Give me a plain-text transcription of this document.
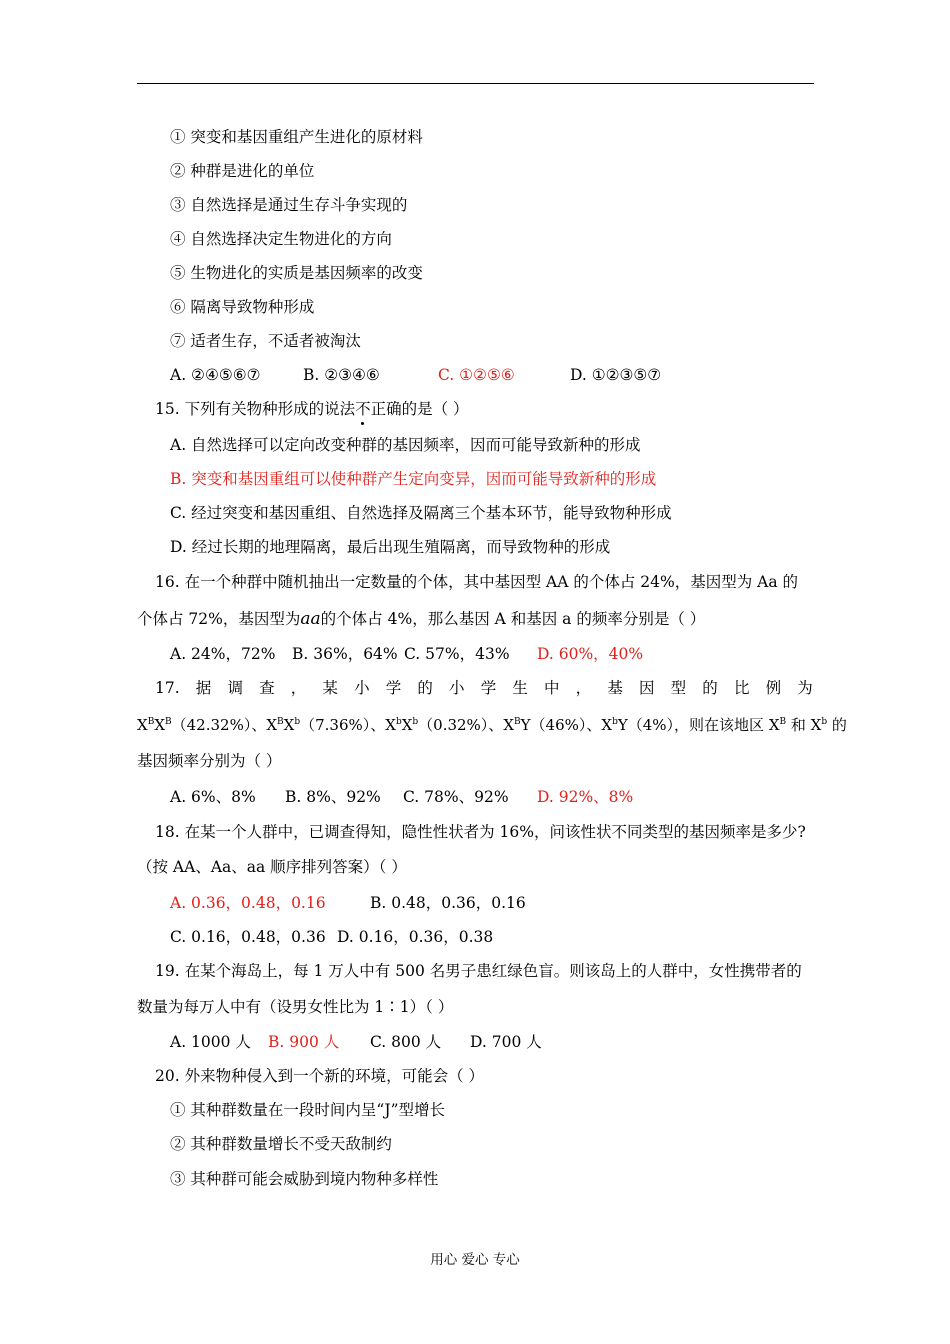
① 突变和基因重组产生进化的原材料
② 种群是进化的单位
③ 自然选择是通过生存斗争实现的
④ 自然选择决定生物进化的方向
⑤ 生物进化的实质是基因频率的改变
⑥ 隔离导致物种形成
⑦ 适者生存，不适者被淘汰
A. ②④⑤⑥⑦	B. ②③④⑥	C. ①②⑤⑥	D. ①②③⑤⑦
15. 下列有关物种形成的说法不正确的是（ ）
A. 自然选择可以定向改变种群的基因频率，因而可能导致新种的形成
B. 突变和基因重组可以使种群产生定向变异，因而可能导致新种的形成
C. 经过突变和基因重组、自然选择及隔离三个基本环节，能导致物种形成
D. 经过长期的地理隔离，最后出现生殖隔离，而导致物种的形成
16. 在一个种群中随机抽出一定数量的个体，其中基因型 AA 的个体占 24%，基因型为 Aa 的
个体占 72%，基因型为aa的个体占 4%，那么基因 A 和基因 a 的频率分别是（ ）
A. 24%，72% B. 36%，64% C. 57%，43% D. 60%，40%
17. 据 调 查 ， 某 小 学 的 小 学 生 中 ， 基 因 型 的 比 例 为
$X^BX^B(42.32\%)$、$X^BX^b(7.36\%)$、$X^bX^b(0.32\%)$、$X^BY(46\%)$、$X^bY(4\%)$，则在该地区 $X^B$ 和 $X^b$ 的
基因频率分别为（ ）
A. 6%、8% B. 8%、92% C. 78%、92% D. 92%、8%
18. 在某一个人群中，已调查得知，隐性性状者为 16%，问该性状不同类型的基因频率是多少?
（按 AA、Aa、aa 顺序排列答案）（ ）
A. 0.36，0.48，0.16	B. 0.48，0.36，0.16
C. 0.16，0.48，0.36 D. 0.16，0.36，0.38
19. 在某个海岛上，每 1 万人中有 500 名男子患红绿色盲。则该岛上的人群中，女性携带者的
数量为每万人中有（设男女性比为 1∶1）（ ）
A. 1000 人 B. 900 人 C. 800 人 D. 700 人
20. 外来物种侵入到一个新的环境，可能会（ ）
① 其种群数量在一段时间内呈“J”型增长
② 其种群数量增长不受天敌制约
③ 其种群可能会威胁到境内物种多样性
用心 爱心 专心
